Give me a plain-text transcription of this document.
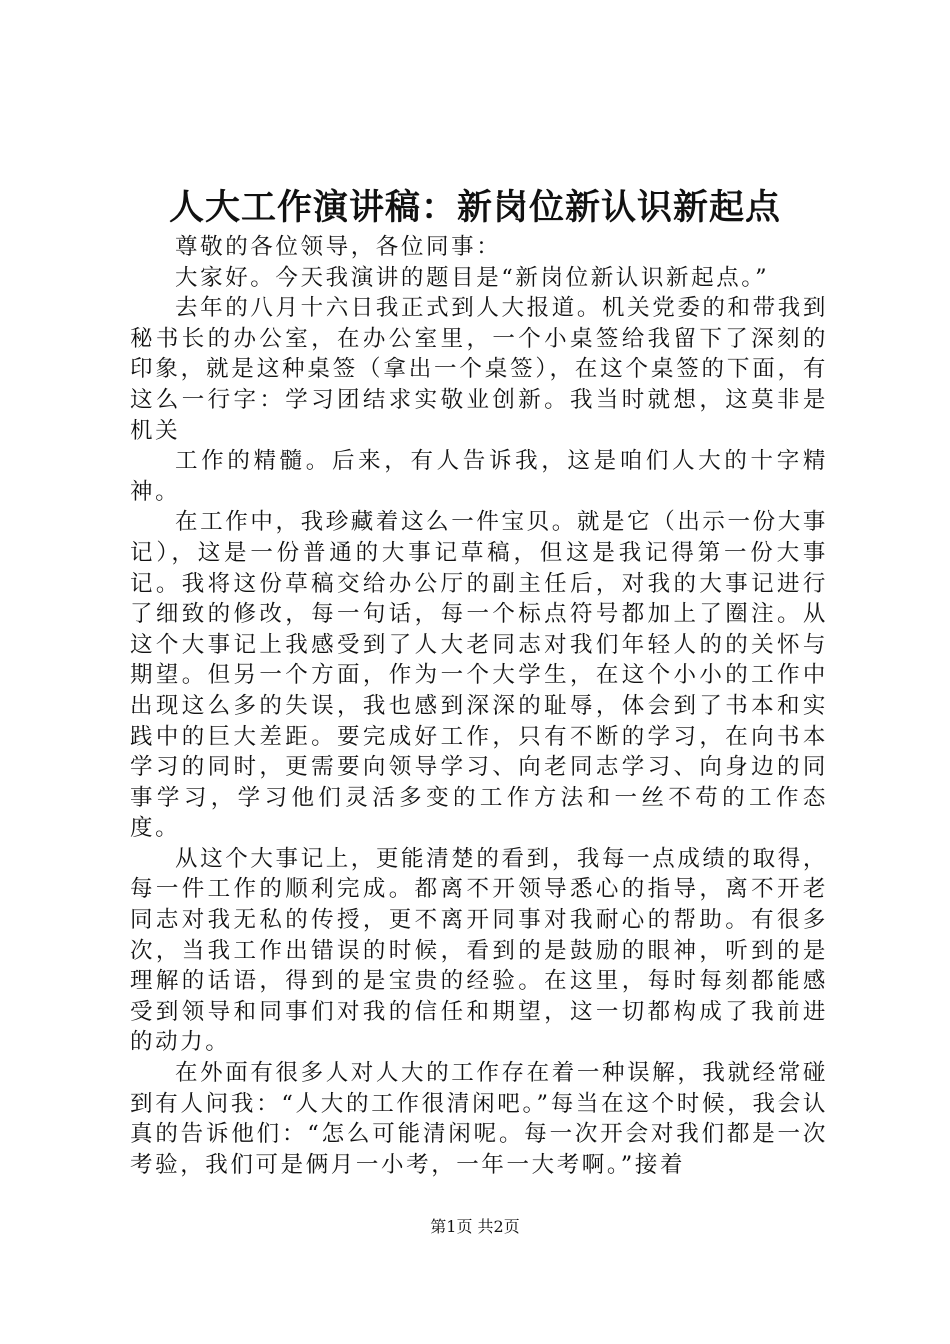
人大工作演讲稿：新岗位新认识新起点

尊敬的各位领导，各位同事：

大家好。今天我演讲的题目是“新岗位新认识新起点。”

去年的八月十六日我正式到人大报道。机关党委的和带我到秘书长的办公室，在办公室里，一个小桌签给我留下了深刻的印象，就是这种桌签（拿出一个桌签），在这个桌签的下面，有这么一行字：学习团结求实敬业创新。我当时就想，这莫非是机关

工作的精髓。后来，有人告诉我，这是咱们人大的十字精神。

在工作中，我珍藏着这么一件宝贝。就是它（出示一份大事记），这是一份普通的大事记草稿，但这是我记得第一份大事记。我将这份草稿交给办公厅的副主任后，对我的大事记进行了细致的修改，每一句话，每一个标点符号都加上了圈注。从这个大事记上我感受到了人大老同志对我们年轻人的的关怀与期望。但另一个方面，作为一个大学生，在这个小小的工作中出现这么多的失误，我也感到深深的耻辱，体会到了书本和实践中的巨大差距。要完成好工作，只有不断的学习，在向书本学习的同时，更需要向领导学习、向老同志学习、向身边的同事学习，学习他们灵活多变的工作方法和一丝不苟的工作态度。

从这个大事记上，更能清楚的看到，我每一点成绩的取得，每一件工作的顺利完成。都离不开领导悉心的指导，离不开老同志对我无私的传授，更不离开同事对我耐心的帮助。有很多次，当我工作出错误的时候，看到的是鼓励的眼神，听到的是理解的话语，得到的是宝贵的经验。在这里，每时每刻都能感受到领导和同事们对我的信任和期望，这一切都构成了我前进的动力。

在外面有很多人对人大的工作存在着一种误解，我就经常碰到有人问我：“人大的工作很清闲吧。”每当在这个时候，我会认真的告诉他们：“怎么可能清闲呢。每一次开会对我们都是一次考验，我们可是俩月一小考，一年一大考啊。”接着

第1页 共2页
